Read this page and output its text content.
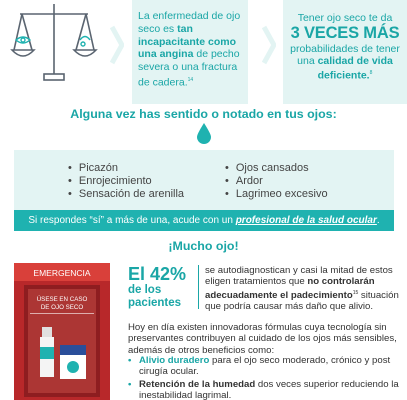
La enfermedad de ojo seco es tan incapacitante como una angina de pecho severa o una fractura de cadera.$^{14}$
Tener ojo seco te da
3 VECES MÁS
probabilidades de tener una calidad de vida deficiente.$^8$
Alguna vez has sentido o notado en tus ojos:
• Picazón
• Enrojecimiento
• Sensación de arenilla
• Ojos cansados
• Ardor
• Lagrimeo excesivo
Si respondes “sí” a más de una, acude con un profesional de la salud ocular.
¡Mucho ojo!
EMERGENCIA
ÚSESE EN CASO
DE OJO SECO
El 42%
de los
pacientes
se autodiagnostican y casi la mitad de estos eligen tratamientos que no controlarán adecuadamente el padecimiento$^{15}$ situación que podría causar más daño que alivio.
Hoy en día existen innovadoras fórmulas cuya tecnología sin preservantes contribuyen al cuidado de los ojos más sensibles, además de otros beneficios como:
• Alivio duradero para el ojo seco moderado, crónico y post cirugía ocular.
• Retención de la humedad dos veces superior reduciendo la inestabilidad lagrimal.
